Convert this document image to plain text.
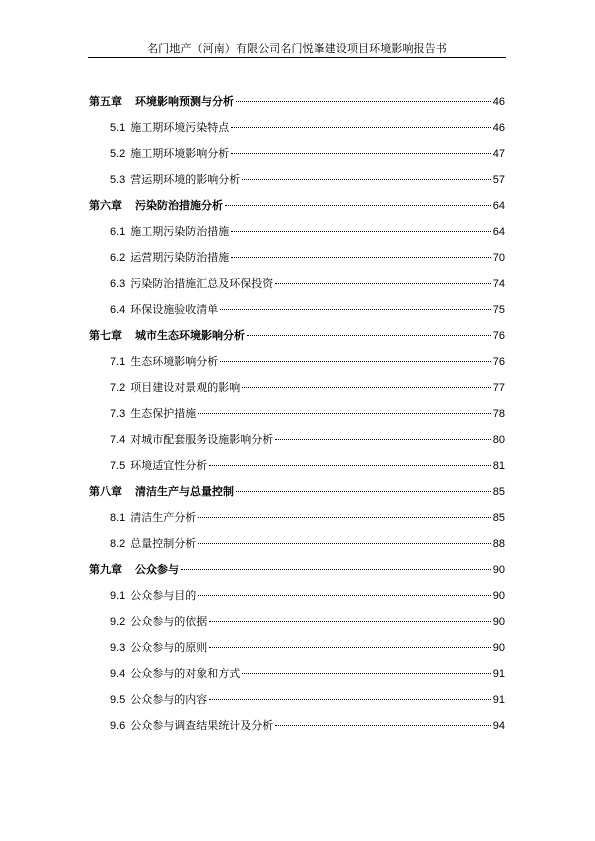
名门地产（河南）有限公司名门悦峯建设项目环境影响报告书
第五章 环境影响预测与分析	46
5.1 施工期环境污染特点	46
5.2 施工期环境影响分析	47
5.3 营运期环境的影响分析	57
第六章 污染防治措施分析	64
6.1 施工期污染防治措施	64
6.2 运营期污染防治措施	70
6.3 污染防治措施汇总及环保投资	74
6.4 环保设施验收清单	75
第七章 城市生态环境影响分析	76
7.1 生态环境影响分析	76
7.2 项目建设对景观的影响	77
7.3 生态保护措施	78
7.4 对城市配套服务设施影响分析	80
7.5 环境适宜性分析	81
第八章 清洁生产与总量控制	85
8.1 清洁生产分析	85
8.2 总量控制分析	88
第九章 公众参与	90
9.1 公众参与目的	90
9.2 公众参与的依据	90
9.3 公众参与的原则	90
9.4 公众参与的对象和方式	91
9.5 公众参与的内容	91
9.6 公众参与调查结果统计及分析	94
